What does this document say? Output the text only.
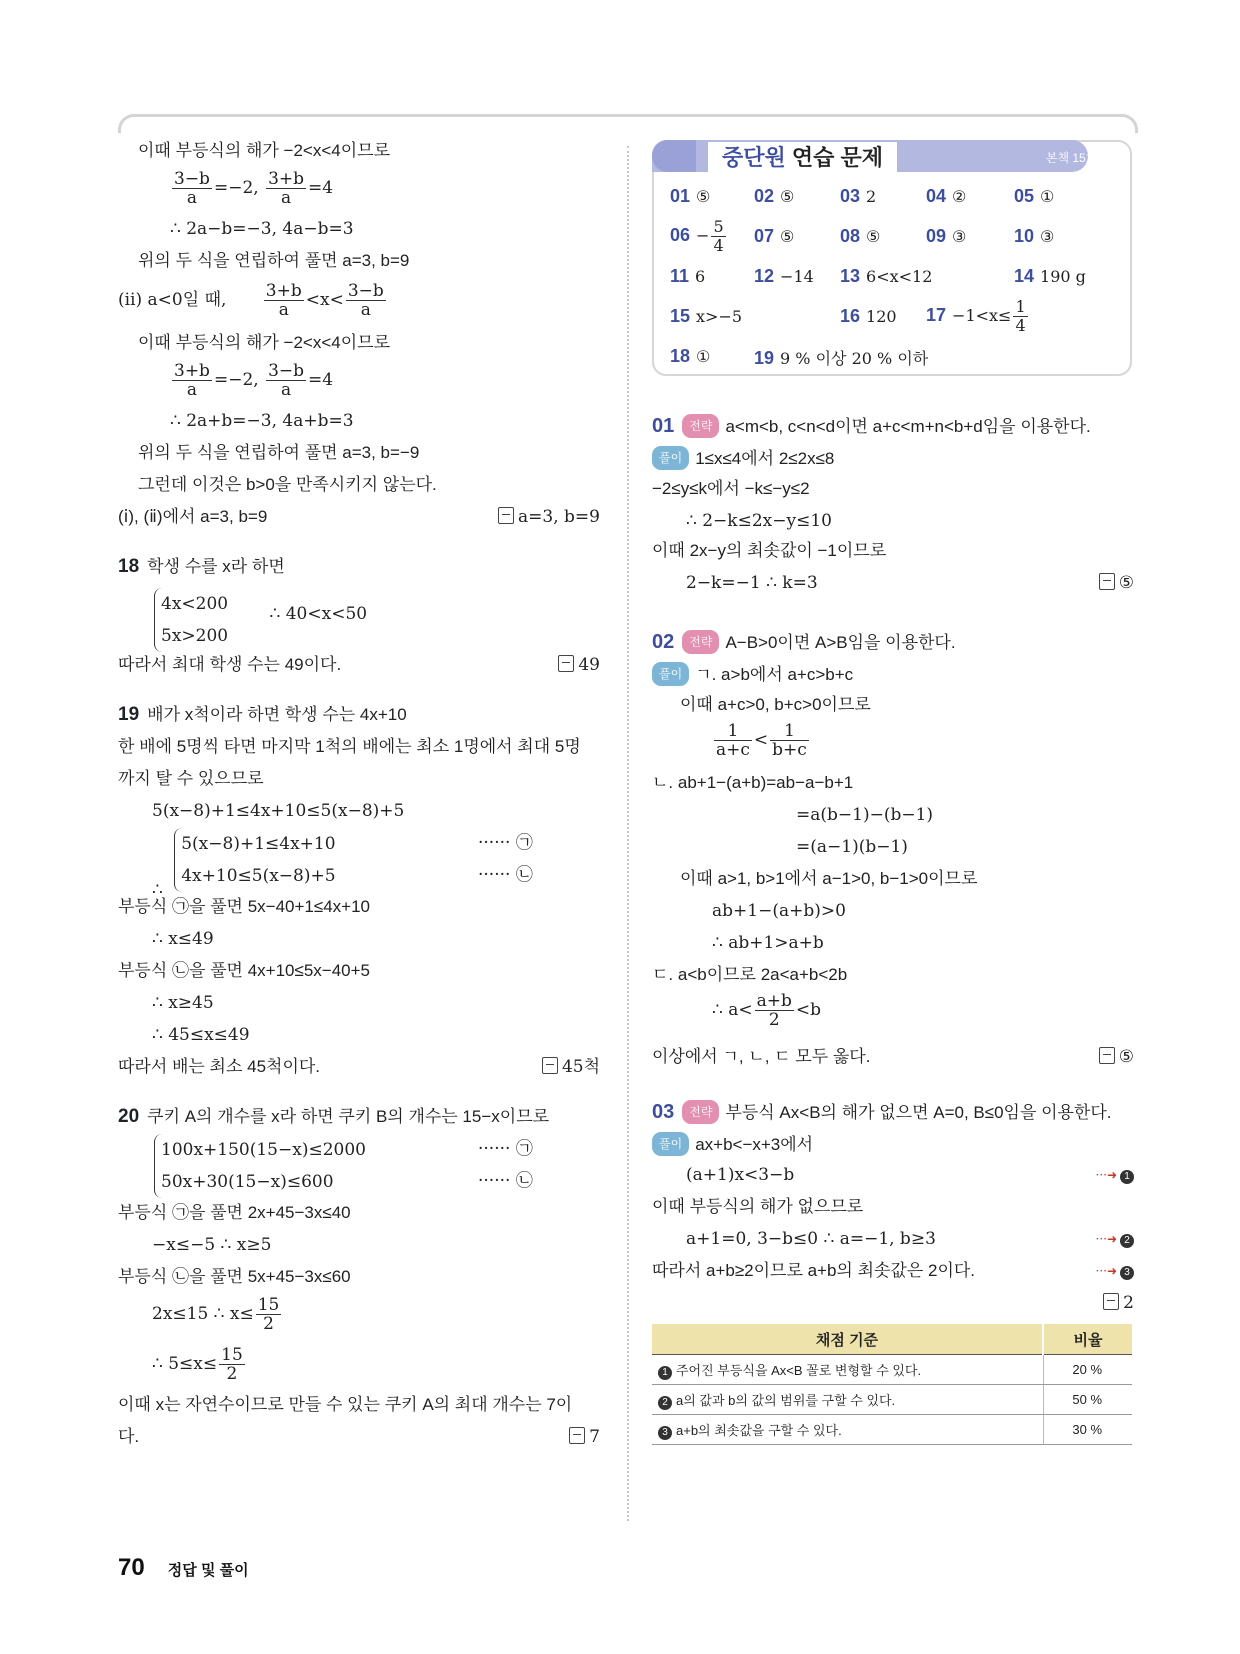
이때 부등식의 해가 −2<x<4이므로
$\frac{3-b}{a} =-2$, $\frac{3+b}{a} =4$
∴ 2a−b=−3, 4a−b=3
위의 두 식을 연립하여 풀면 a=3, b=9
(ⅱ) a<0일 때, $\frac{3+b}{a} <x< \frac{3-b}{a}$
이때 부등식의 해가 −2<x<4이므로
$\frac{3+b}{a} =-2$, $\frac{3-b}{a} =4$
∴ 2a+b=−3, 4a+b=3
위의 두 식을 연립하여 풀면 a=3, b=−9
그런데 이것은 b>0을 만족시키지 않는다.
(ⅰ), (ⅱ)에서 a=3, b=9	a=3, b=9
18 학생 수를 x라 하면
4x<200
5x>200 ∴ 40<x<50
따라서 최대 학생 수는 49이다.	49
19 배가 x척이라 하면 학생 수는 4x+10
한 배에 5명씩 타면 마지막 1척의 배에는 최소 1명에서 최대 5명
까지 탈 수 있으므로
5(x−8)+1≤4x+10≤5(x−8)+5
∴ 5(x−8)+1≤4x+10
4x+10≤5(x−8)+5
······ ㉠
······ ㉡
부등식 ㉠을 풀면 5x−40+1≤4x+10
∴ x≤49
부등식 ㉡을 풀면 4x+10≤5x−40+5
∴ x≥45
∴ 45≤x≤49
따라서 배는 최소 45척이다.	45척
20 쿠키 A의 개수를 x라 하면 쿠키 B의 개수는 15−x이므로
100x+150(15−x)≤2000
50x+30(15−x)≤600
······ ㉠
······ ㉡
부등식 ㉠을 풀면 2x+45−3x≤40
−x≤−5 ∴ x≥5
부등식 ㉡을 풀면 5x+45−3x≤60
2x≤15 ∴ $x\le \frac{15}{2}$
∴ $5\le x\le \frac{15}{2}$
이때 x는 자연수이므로 만들 수 있는 쿠키 A의 최대 개수는 7이
다.	7
중단원 연습 문제	본책 151쪽
01 ⑤ 02 ⑤	03 2	04 ②	05 ①
$06 - \frac{5}{4} 07$ ⑤	08 ⑤	09 ③	10 ③
11 6	12 −14 13 6<x<12	14 190 g
15 x>−5	16 120 $17 -1<x\le \frac{1}{4}$
18 ① 19 9 % 이상 20 % 이하
01 전략 a<m<b, c<n<d이면 a+c<m+n<b+d임을 이용한다.
풀이 1≤x≤4에서 2≤2x≤8
−2≤y≤k에서 −k≤−y≤2
∴ 2−k≤2x−y≤10
이때 2x−y의 최솟값이 −1이므로
2−k=−1 ∴ k=3	⑤
02 전략 A−B>0이면 A>B임을 이용한다.
풀이 ㄱ. a>b에서 a+c>b+c
이때 a+c>0, b+c>0이므로
$\frac{1}{a+c} < \frac{1}{b+c}$
ㄴ. ab+1−(a+b)=ab−a−b+1
=a(b−1)−(b−1)
=(a−1)(b−1)
이때 a>1, b>1에서 a−1>0, b−1>0이므로
ab+1−(a+b)>0
∴ ab+1>a+b
ㄷ. a<b이므로 2a<a+b<2b
∴ $a< \frac{a+b}{2} <b$
이상에서 ㄱ, ㄴ, ㄷ 모두 옳다.	⑤
03 전략 부등식 Ax<B의 해가 없으면 A=0, B≤0임을 이용한다.
풀이 ax+b<−x+3에서
(a+1)x<3−b	···➜ 1
이때 부등식의 해가 없으므로
a+1=0, 3−b≤0 ∴ a=−1, b≥3	···➜ 2
따라서 a+b≥2이므로 a+b의 최솟값은 2이다.	···➜ 3
2
채점 기준	비율
1 주어진 부등식을 Ax<B 꼴로 변형할 수 있다.	20 %
2 a의 값과 b의 값의 범위를 구할 수 있다.	50 %
3 a+b의 최솟값을 구할 수 있다.	30 %
70 정답 및 풀이
